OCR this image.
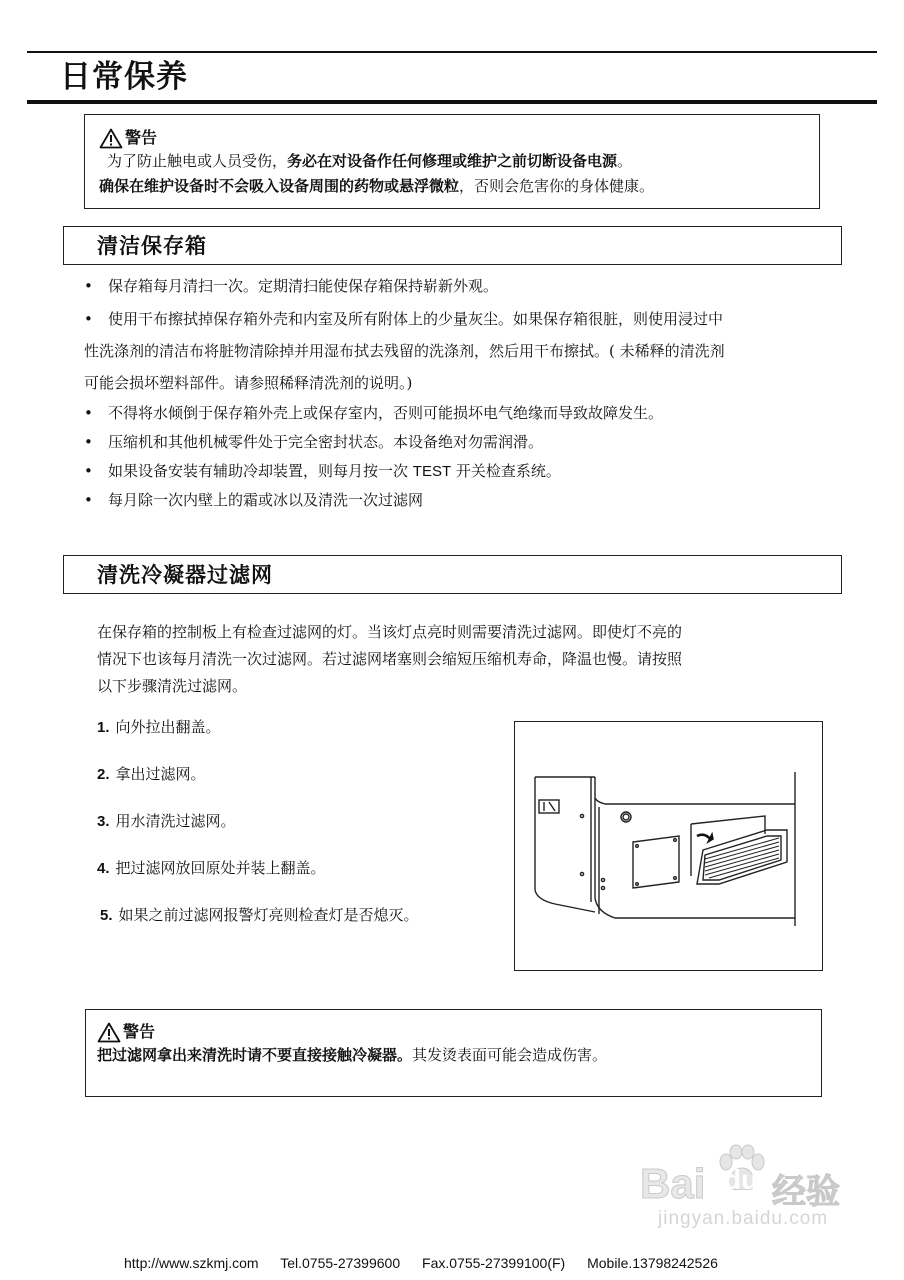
日常保养
警告
为了防止触电或人员受伤，务必在对设备作任何修理或维护之前切断设备电源。
确保在维护设备时不会吸入设备周围的药物或悬浮微粒，否则会危害你的身体健康。
清洁保存箱
• 保存箱每月清扫一次。定期清扫能使保存箱保持崭新外观。
• 使用干布擦拭掉保存箱外壳和内室及所有附体上的少量灰尘。如果保存箱很脏，则使用浸过中
性洗涤剂的清洁布将脏物清除掉并用湿布拭去残留的洗涤剂，然后用干布擦拭。( 未稀释的清洗剂
可能会损坏塑料部件。请参照稀释清洗剂的说明。)
• 不得将水倾倒于保存箱外壳上或保存室内，否则可能损坏电气绝缘而导致故障发生。
• 压缩机和其他机械零件处于完全密封状态。本设备绝对勿需润滑。
• 如果设备安装有辅助冷却装置，则每月按一次 TEST 开关检查系统。
• 每月除一次内壁上的霜或冰以及清洗一次过滤网
清洗冷凝器过滤网
在保存箱的控制板上有检查过滤网的灯。当该灯点亮时则需要清洗过滤网。即使灯不亮的
情况下也该每月清洗一次过滤网。若过滤网堵塞则会缩短压缩机寿命，降温也慢。请按照
以下步骤清洗过滤网。
1. 向外拉出翻盖。
2. 拿出过滤网。
3. 用水清洗过滤网。
4. 把过滤网放回原处并装上翻盖。
5. 如果之前过滤网报警灯亮则检查灯是否熄灭。
警告
把过滤网拿出来清洗时请不要直接接触冷凝器。其发烫表面可能会造成伤害。
Bai du 经验
jingyan.baidu.com
http://www.szkmj.com Tel.0755-27399600 Fax.0755-27399100(F) Mobile.13798242526
